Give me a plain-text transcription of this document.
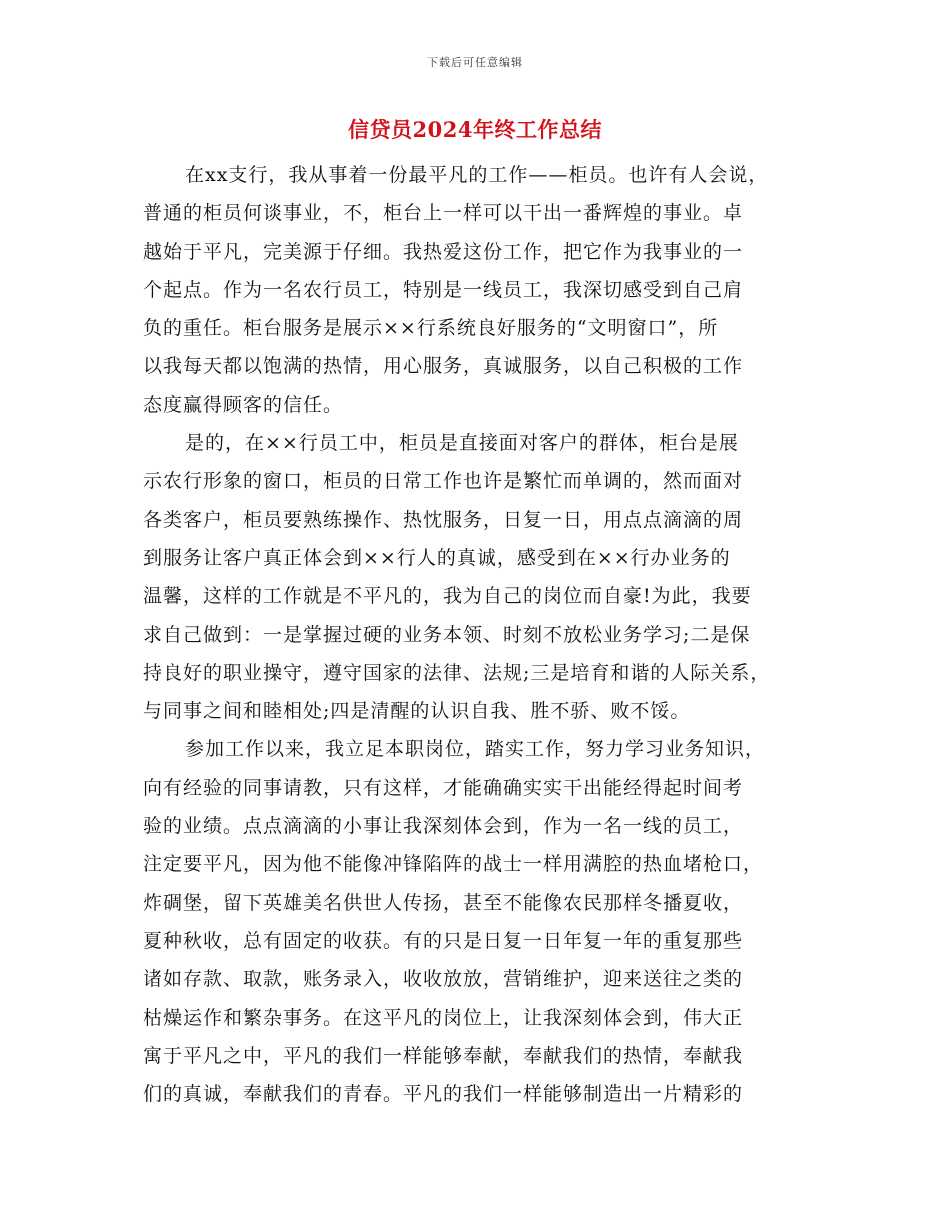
下载后可任意编辑
信贷员2024年终工作总结
在xx支行，我从事着一份最平凡的工作——柜员。也许有人会说，
普通的柜员何谈事业，不，柜台上一样可以干出一番辉煌的事业。卓
越始于平凡，完美源于仔细。我热爱这份工作，把它作为我事业的一
个起点。作为一名农行员工，特别是一线员工，我深切感受到自己肩
负的重任。柜台服务是展示××行系统良好服务的“文明窗口”，所
以我每天都以饱满的热情，用心服务，真诚服务，以自己积极的工作
态度赢得顾客的信任。
是的，在××行员工中，柜员是直接面对客户的群体，柜台是展
示农行形象的窗口，柜员的日常工作也许是繁忙而单调的，然而面对
各类客户，柜员要熟练操作、热忱服务，日复一日，用点点滴滴的周
到服务让客户真正体会到××行人的真诚，感受到在××行办业务的
温馨，这样的工作就是不平凡的，我为自己的岗位而自豪!为此，我要
求自己做到：一是掌握过硬的业务本领、时刻不放松业务学习;二是保
持良好的职业操守，遵守国家的法律、法规;三是培育和谐的人际关系，
与同事之间和睦相处;四是清醒的认识自我、胜不骄、败不馁。
参加工作以来，我立足本职岗位，踏实工作，努力学习业务知识，
向有经验的同事请教，只有这样，才能确确实实干出能经得起时间考
验的业绩。点点滴滴的小事让我深刻体会到，作为一名一线的员工，
注定要平凡，因为他不能像冲锋陷阵的战士一样用满腔的热血堵枪口，
炸碉堡，留下英雄美名供世人传扬，甚至不能像农民那样冬播夏收，
夏种秋收，总有固定的收获。有的只是日复一日年复一年的重复那些
诸如存款、取款，账务录入，收收放放，营销维护，迎来送往之类的
枯燥运作和繁杂事务。在这平凡的岗位上，让我深刻体会到，伟大正
寓于平凡之中，平凡的我们一样能够奉献，奉献我们的热情，奉献我
们的真诚，奉献我们的青春。平凡的我们一样能够制造出一片精彩的
